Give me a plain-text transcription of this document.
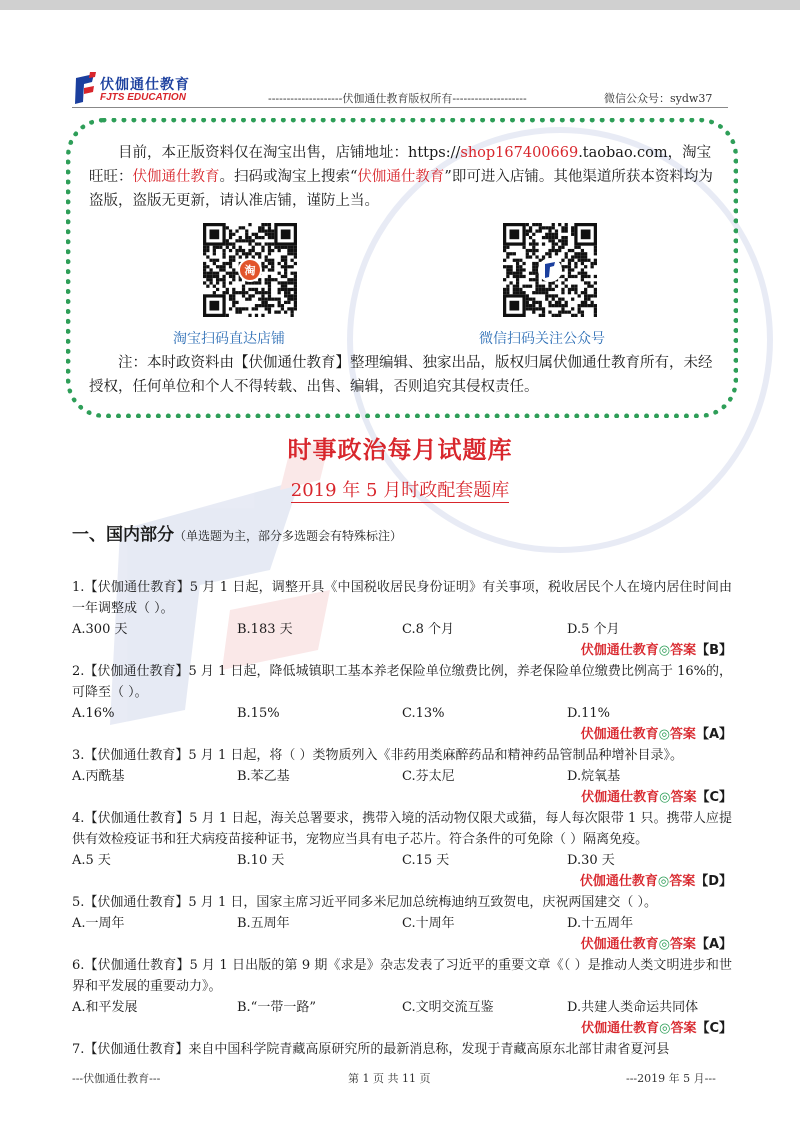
伏伽通仕教育
FJTS EDUCATION	--------------------伏伽通仕教育版权所有--------------------	微信公众号：sydw37

目前，本正版资料仅在淘宝出售，店铺地址：https://shop167400669.taobao.com，淘宝旺旺：伏伽通仕教育。扫码或淘宝上搜索“伏伽通仕教育”即可进入店铺。其他渠道所获本资料均为盗版，盗版无更新，请认准店铺，谨防上当。

淘
淘宝扫码直达店铺	微信扫码关注公众号

注：本时政资料由【伏伽通仕教育】整理编辑、独家出品，版权归属伏伽通仕教育所有，未经授权，任何单位和个人不得转载、出售、编辑，否则追究其侵权责任。

时事政治每月试题库
2019 年 5 月时政配套题库
一、国内部分（单选题为主，部分多选题会有特殊标注）
1.【伏伽通仕教育】5 月 1 日起，调整开具《中国税收居民身份证明》有关事项，税收居民个人在境内居住时间由一年调整成（ ）。
A.300 天	B.183 天	C.8 个月	D.5 个月
伏伽通仕教育◎答案【B】
2.【伏伽通仕教育】5 月 1 日起，降低城镇职工基本养老保险单位缴费比例，养老保险单位缴费比例高于 16%的，可降至（ ）。
A.16%	B.15%	C.13%	D.11%
伏伽通仕教育◎答案【A】
3.【伏伽通仕教育】5 月 1 日起，将（ ）类物质列入《非药用类麻醉药品和精神药品管制品种增补目录》。
A.丙酰基	B.苯乙基	C.芬太尼	D.烷氧基
伏伽通仕教育◎答案【C】
4.【伏伽通仕教育】5 月 1 日起，海关总署要求，携带入境的活动物仅限犬或猫，每人每次限带 1 只。携带人应提供有效检疫证书和狂犬病疫苗接种证书，宠物应当具有电子芯片。符合条件的可免除（ ）隔离免疫。
A.5 天	B.10 天	C.15 天	D.30 天
伏伽通仕教育◎答案【D】
5.【伏伽通仕教育】5 月 1 日，国家主席习近平同多米尼加总统梅迪纳互致贺电，庆祝两国建交（ ）。
A.一周年	B.五周年	C.十周年	D.十五周年
伏伽通仕教育◎答案【A】
6.【伏伽通仕教育】5 月 1 日出版的第 9 期《求是》杂志发表了习近平的重要文章《（ ）是推动人类文明进步和世界和平发展的重要动力》。
A.和平发展	B.“一带一路”	C.文明交流互鉴	D.共建人类命运共同体
伏伽通仕教育◎答案【C】
7.【伏伽通仕教育】来自中国科学院青藏高原研究所的最新消息称，发现于青藏高原东北部甘肃省夏河县
---伏伽通仕教育---	第 1 页 共 11 页	---2019 年 5 月---
